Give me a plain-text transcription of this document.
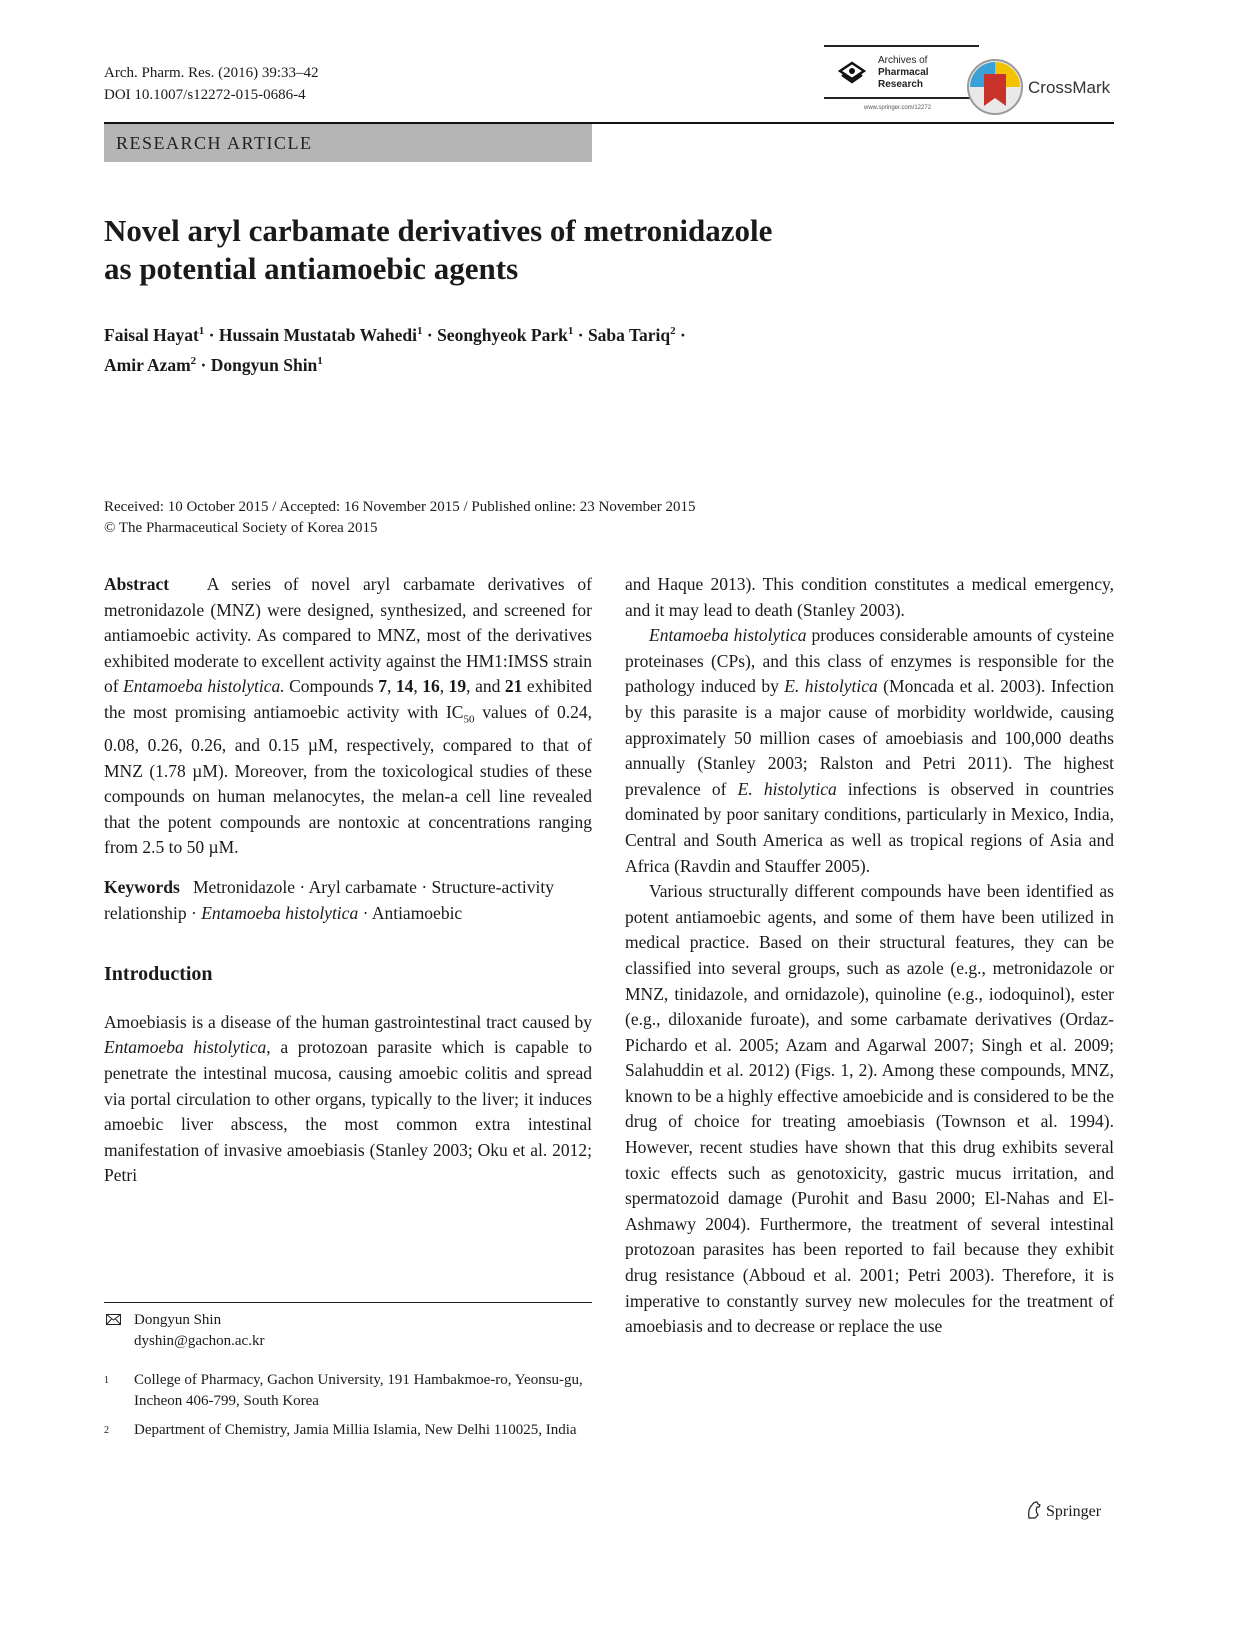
Arch. Pharm. Res. (2016) 39:33–42
DOI 10.1007/s12272-015-0686-4
Archives of
Pharmacal
Research
www.springer.com/12272
CrossMark
RESEARCH ARTICLE
Novel aryl carbamate derivatives of metronidazole
as potential antiamoebic agents
Faisal Hayat$^1$ · Hussain Mustatab Wahedi$^1$ · Seonghyeok Park$^1$ · Saba Tariq$^2$ ·
Amir Azam$^2$ · Dongyun Shin$^1$
Received: 10 October 2015 / Accepted: 16 November 2015 / Published online: 23 November 2015
© The Pharmaceutical Society of Korea 2015

Abstract A series of novel aryl carbamate derivatives of metronidazole (MNZ) were designed, synthesized, and screened for antiamoebic activity. As compared to MNZ, most of the derivatives exhibited moderate to excellent activity against the HM1:IMSS strain of Entamoeba histolytica. Compounds 7, 14, 16, 19, and 21 exhibited the most promising antiamoebic activity with $IC_{50}$ values of 0.24, 0.08, 0.26, 0.26, and 0.15 µM, respectively, compared to that of MNZ (1.78 µM). Moreover, from the toxicological studies of these compounds on human melanocytes, the melan-a cell line revealed that the potent compounds are nontoxic at concentrations ranging from 2.5 to 50 µM.

Keywords Metronidazole · Aryl carbamate · Structure-activity relationship · Entamoeba histolytica · Antiamoebic

Introduction

Amoebiasis is a disease of the human gastrointestinal tract caused by Entamoeba histolytica, a protozoan parasite which is capable to penetrate the intestinal mucosa, causing amoebic colitis and spread via portal circulation to other organs, typically to the liver; it induces amoebic liver abscess, the most common extra intestinal manifestation of invasive amoebiasis (Stanley 2003; Oku et al. 2012; Petri

Dongyun Shin
dyshin@gachon.ac.kr
1 College of Pharmacy, Gachon University, 191 Hambakmoe-ro, Yeonsu-gu, Incheon 406-799, South Korea
2 Department of Chemistry, Jamia Millia Islamia, New Delhi 110025, India

and Haque 2013). This condition constitutes a medical emergency, and it may lead to death (Stanley 2003).

Entamoeba histolytica produces considerable amounts of cysteine proteinases (CPs), and this class of enzymes is responsible for the pathology induced by E. histolytica (Moncada et al. 2003). Infection by this parasite is a major cause of morbidity worldwide, causing approximately 50 million cases of amoebiasis and 100,000 deaths annually (Stanley 2003; Ralston and Petri 2011). The highest prevalence of E. histolytica infections is observed in countries dominated by poor sanitary conditions, particularly in Mexico, India, Central and South America as well as tropical regions of Asia and Africa (Ravdin and Stauffer 2005).

Various structurally different compounds have been identified as potent antiamoebic agents, and some of them have been utilized in medical practice. Based on their structural features, they can be classified into several groups, such as azole (e.g., metronidazole or MNZ, tinidazole, and ornidazole), quinoline (e.g., iodoquinol), ester (e.g., diloxanide furoate), and some carbamate derivatives (Ordaz-Pichardo et al. 2005; Azam and Agarwal 2007; Singh et al. 2009; Salahuddin et al. 2012) (Figs. 1, 2). Among these compounds, MNZ, known to be a highly effective amoebicide and is considered to be the drug of choice for treating amoebiasis (Townson et al. 1994). However, recent studies have shown that this drug exhibits several toxic effects such as genotoxicity, gastric mucus irritation, and spermatozoid damage (Purohit and Basu 2000; El-Nahas and El-Ashmawy 2004). Furthermore, the treatment of several intestinal protozoan parasites has been reported to fail because they exhibit drug resistance (Abboud et al. 2001; Petri 2003). Therefore, it is imperative to constantly survey new molecules for the treatment of amoebiasis and to decrease or replace the use

Springer
